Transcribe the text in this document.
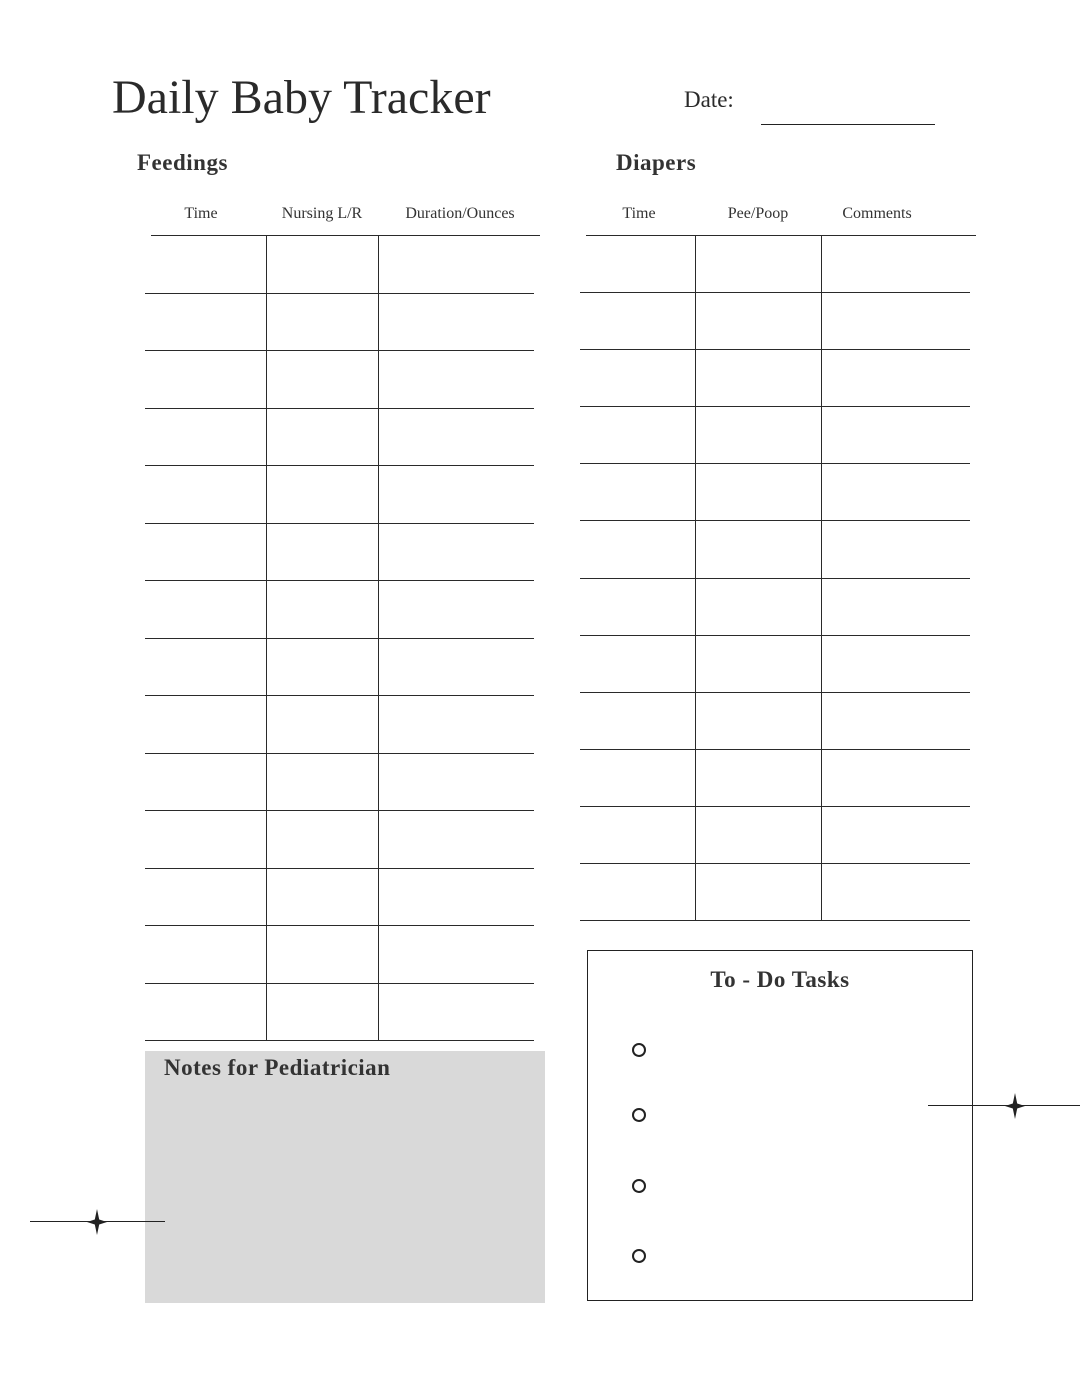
Daily Baby Tracker	Date:
Feedings
Time	Nursing L/R	Duration/Ounces
Diapers
Time	Pee/Poop	Comments
Notes for Pediatrician
To - Do Tasks
